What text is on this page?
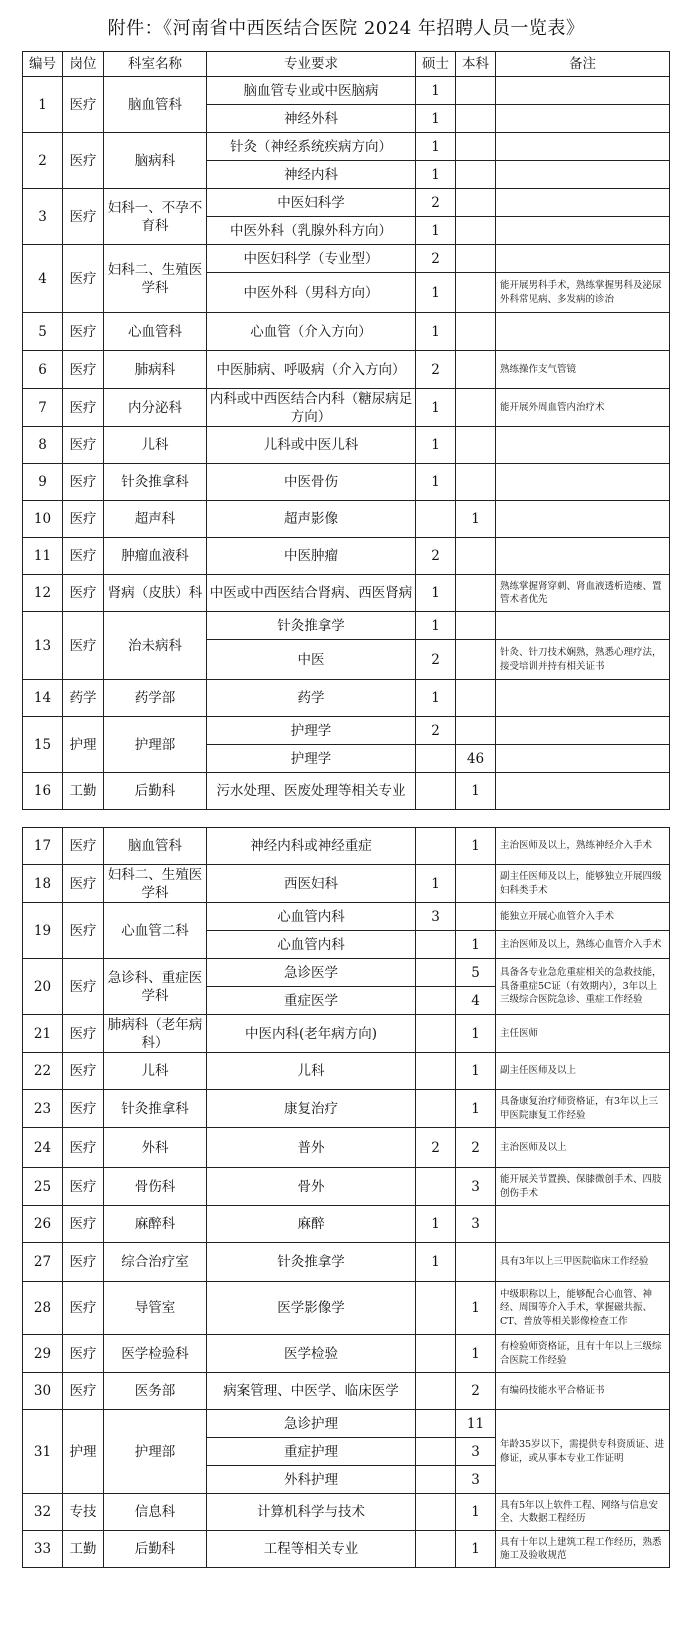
附件：《河南省中西医结合医院 2024 年招聘人员一览表》
编号	岗位	科室名称	专业要求	硕士	本科	备注
1	医疗	脑血管科	脑血管专业或中医脑病	1		
			神经外科	1		
2	医疗	脑病科	针灸（神经系统疾病方向）	1		
			神经内科	1		
3	医疗	妇科一、不孕不育科	中医妇科学	2		
			中医外科（乳腺外科方向）	1		
4	医疗	妇科二、生殖医学科	中医妇科学（专业型）	2		
			中医外科（男科方向）	1		能开展男科手术，熟练掌握男科及泌尿外科常见病、多发病的诊治
5	医疗	心血管科	心血管（介入方向）	1		
6	医疗	肺病科	中医肺病、呼吸病（介入方向）	2		熟练操作支气管镜
7	医疗	内分泌科	内科或中西医结合内科（糖尿病足方向）	1		能开展外周血管内治疗术
8	医疗	儿科	儿科或中医儿科	1		
9	医疗	针灸推拿科	中医骨伤	1		
10	医疗	超声科	超声影像		1	
11	医疗	肿瘤血液科	中医肿瘤	2		
12	医疗	肾病（皮肤）科	中医或中西医结合肾病、西医肾病	1		熟练掌握肾穿刺、肾血液透析造瘘、置管术者优先
13	医疗	治未病科	针灸推拿学	1		
			中医	2		针灸、针刀技术娴熟，熟悉心理疗法，接受培训并持有相关证书
14	药学	药学部	药学	1		
15	护理	护理部	护理学	2		
			护理学		46	
16	工勤	后勤科	污水处理、医废处理等相关专业		1	
17	医疗	脑血管科	神经内科或神经重症		1	主治医师及以上，熟练神经介入手术
18	医疗	妇科二、生殖医学科	西医妇科	1		副主任医师及以上，能够独立开展四级妇科类手术
19	医疗	心血管二科	心血管内科	3		能独立开展心血管介入手术
			心血管内科		1	主治医师及以上，熟练心血管介入手术
20	医疗	急诊科、重症医学科	急诊医学		5	具备各专业急危重症相关的急救技能，具备重症5C证（有效期内），3年以上三级综合医院急诊、重症工作经验
			重症医学		4	
21	医疗	肺病科（老年病科）	中医内科(老年病方向)		1	主任医师
22	医疗	儿科	儿科		1	副主任医师及以上
23	医疗	针灸推拿科	康复治疗		1	具备康复治疗师资格证，有3年以上三甲医院康复工作经验
24	医疗	外科	普外	2	2	主治医师及以上
25	医疗	骨伤科	骨外		3	能开展关节置换、保膝微创手术、四肢创伤手术
26	医疗	麻醉科	麻醉	1	3	
27	医疗	综合治疗室	针灸推拿学	1		具有3年以上三甲医院临床工作经验
28	医疗	导管室	医学影像学		1	中级职称以上，能够配合心血管、神经、周围等介入手术，掌握磁共振、CT、普放等相关影像检查工作
29	医疗	医学检验科	医学检验		1	有检验师资格证，且有十年以上三级综合医院工作经验
30	医疗	医务部	病案管理、中医学、临床医学		2	有编码技能水平合格证书
31	护理	护理部	急诊护理		11	年龄35岁以下，需提供专科资质证、进修证，或从事本专业工作证明
			重症护理		3	
			外科护理		3	
32	专技	信息科	计算机科学与技术		1	具有5年以上软件工程、网络与信息安全、大数据工程经历
33	工勤	后勤科	工程等相关专业		1	具有十年以上建筑工程工作经历，熟悉施工及验收规范
